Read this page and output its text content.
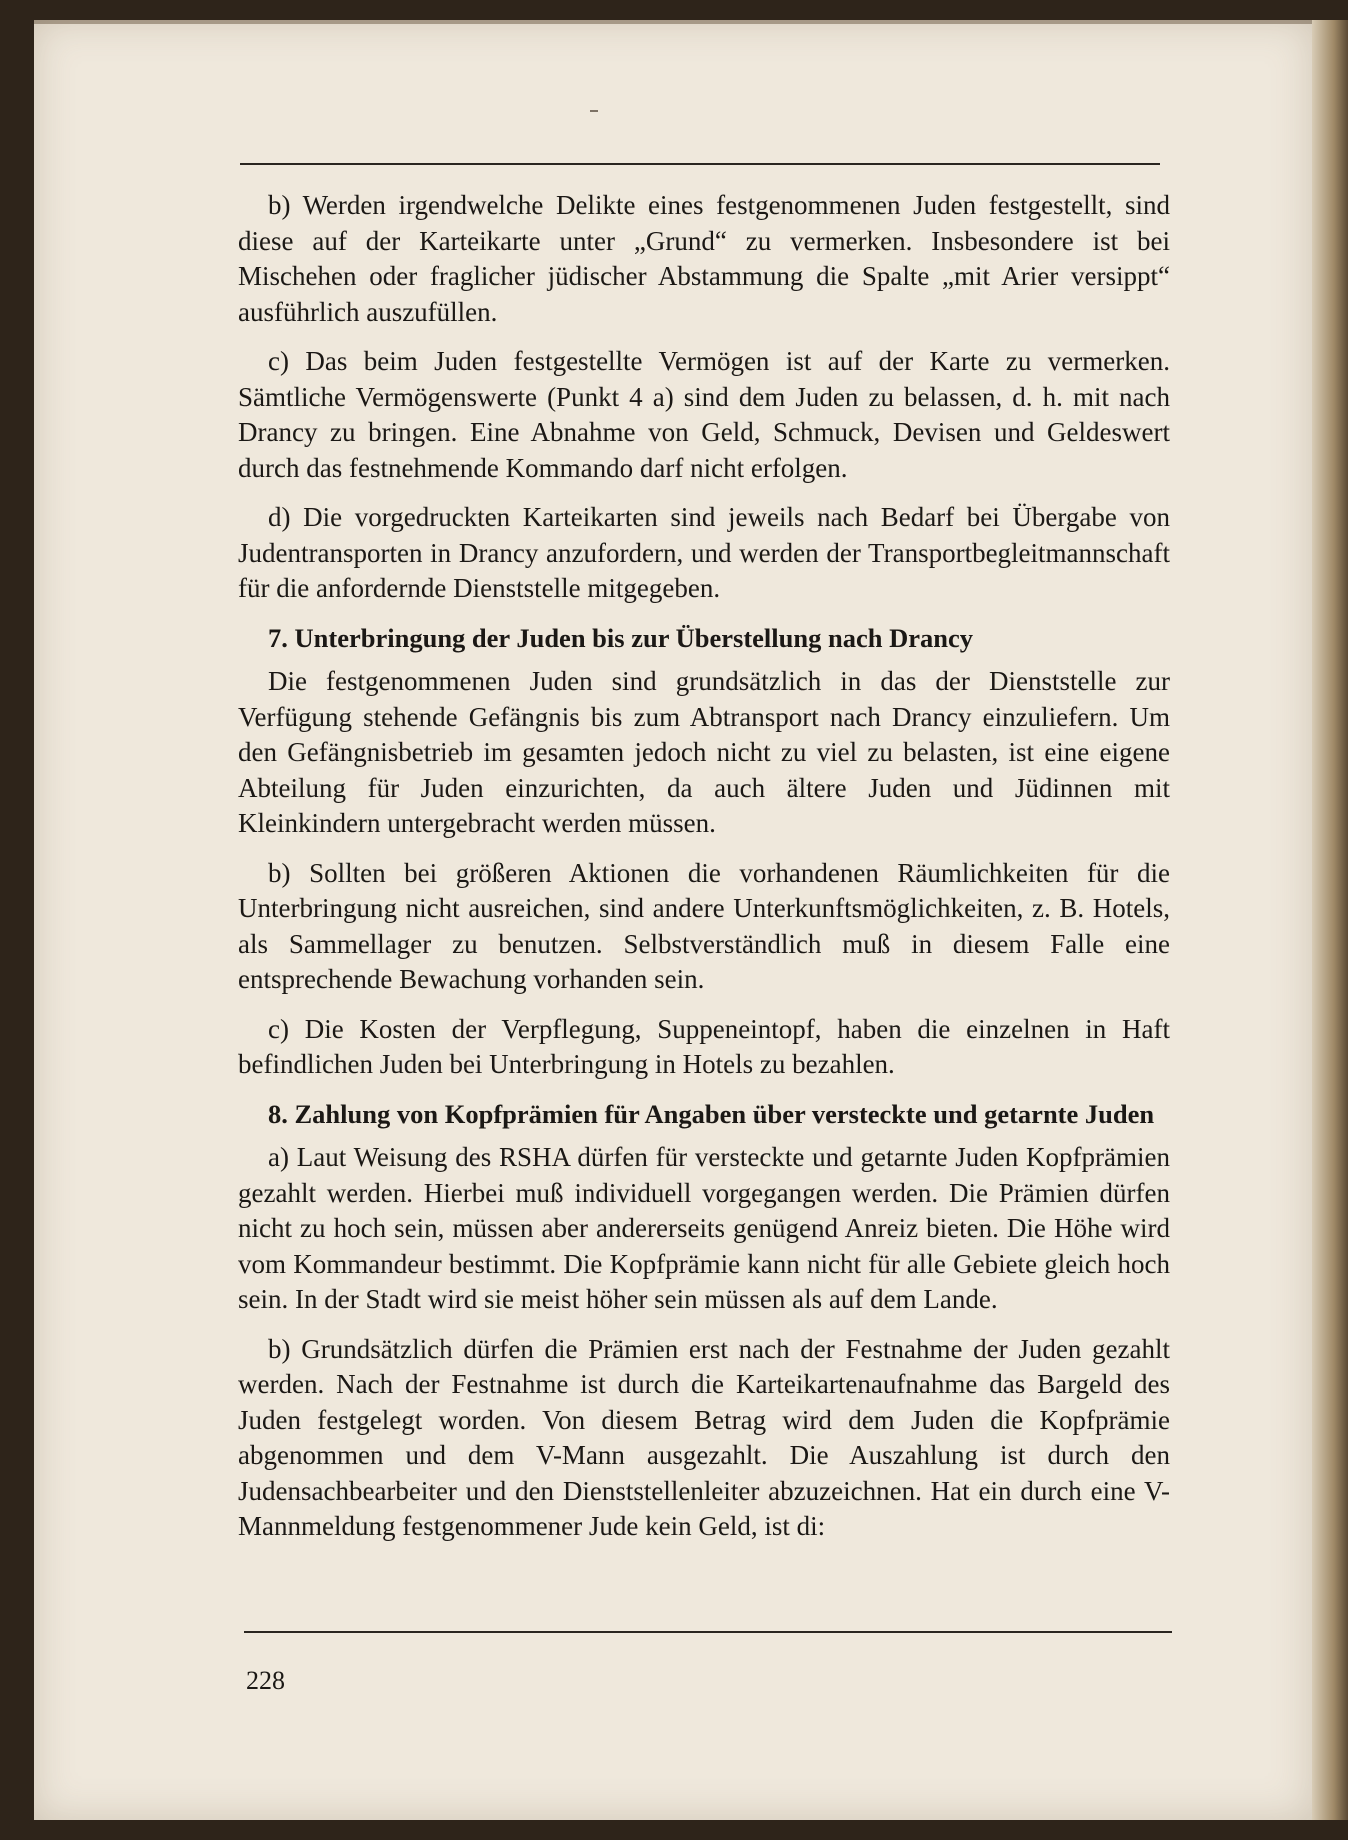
b) Werden irgendwelche Delikte eines festgenommenen Juden festgestellt, sind diese auf der Karteikarte unter „Grund“ zu vermerken. Insbesondere ist bei Mischehen oder fraglicher jüdischer Abstammung die Spalte „mit Arier versippt“ ausführlich auszufüllen.

c) Das beim Juden festgestellte Vermögen ist auf der Karte zu vermerken. Sämtliche Vermögenswerte (Punkt 4 a) sind dem Juden zu belassen, d. h. mit nach Drancy zu bringen. Eine Abnahme von Geld, Schmuck, Devisen und Geldeswert durch das festnehmende Kommando darf nicht erfolgen.

d) Die vorgedruckten Karteikarten sind jeweils nach Bedarf bei Übergabe von Judentransporten in Drancy anzufordern, und werden der Transportbegleitmannschaft für die anfordernde Dienststelle mitgegeben.

7. Unterbringung der Juden bis zur Überstellung nach Drancy

Die festgenommenen Juden sind grundsätzlich in das der Dienststelle zur Verfügung stehende Gefängnis bis zum Abtransport nach Drancy einzuliefern. Um den Gefängnisbetrieb im gesamten jedoch nicht zu viel zu belasten, ist eine eigene Abteilung für Juden einzurichten, da auch ältere Juden und Jüdinnen mit Kleinkindern untergebracht werden müssen.

b) Sollten bei größeren Aktionen die vorhandenen Räumlichkeiten für die Unterbringung nicht ausreichen, sind andere Unterkunftsmöglichkeiten, z. B. Hotels, als Sammellager zu benutzen. Selbstverständlich muß in diesem Falle eine entsprechende Bewachung vorhanden sein.

c) Die Kosten der Verpflegung, Suppeneintopf, haben die einzelnen in Haft befindlichen Juden bei Unterbringung in Hotels zu bezahlen.

8. Zahlung von Kopfprämien für Angaben über versteckte und getarnte Juden

a) Laut Weisung des RSHA dürfen für versteckte und getarnte Juden Kopfprämien gezahlt werden. Hierbei muß individuell vorgegangen werden. Die Prämien dürfen nicht zu hoch sein, müssen aber andererseits genügend Anreiz bieten. Die Höhe wird vom Kommandeur bestimmt. Die Kopfprämie kann nicht für alle Gebiete gleich hoch sein. In der Stadt wird sie meist höher sein müssen als auf dem Lande.

b) Grundsätzlich dürfen die Prämien erst nach der Festnahme der Juden gezahlt werden. Nach der Festnahme ist durch die Karteikartenaufnahme das Bargeld des Juden festgelegt worden. Von diesem Betrag wird dem Juden die Kopfprämie abgenommen und dem V-Mann ausgezahlt. Die Auszahlung ist durch den Judensachbearbeiter und den Dienststellenleiter abzuzeichnen. Hat ein durch eine V-Mannmeldung festgenommener Jude kein Geld, ist di:

228
